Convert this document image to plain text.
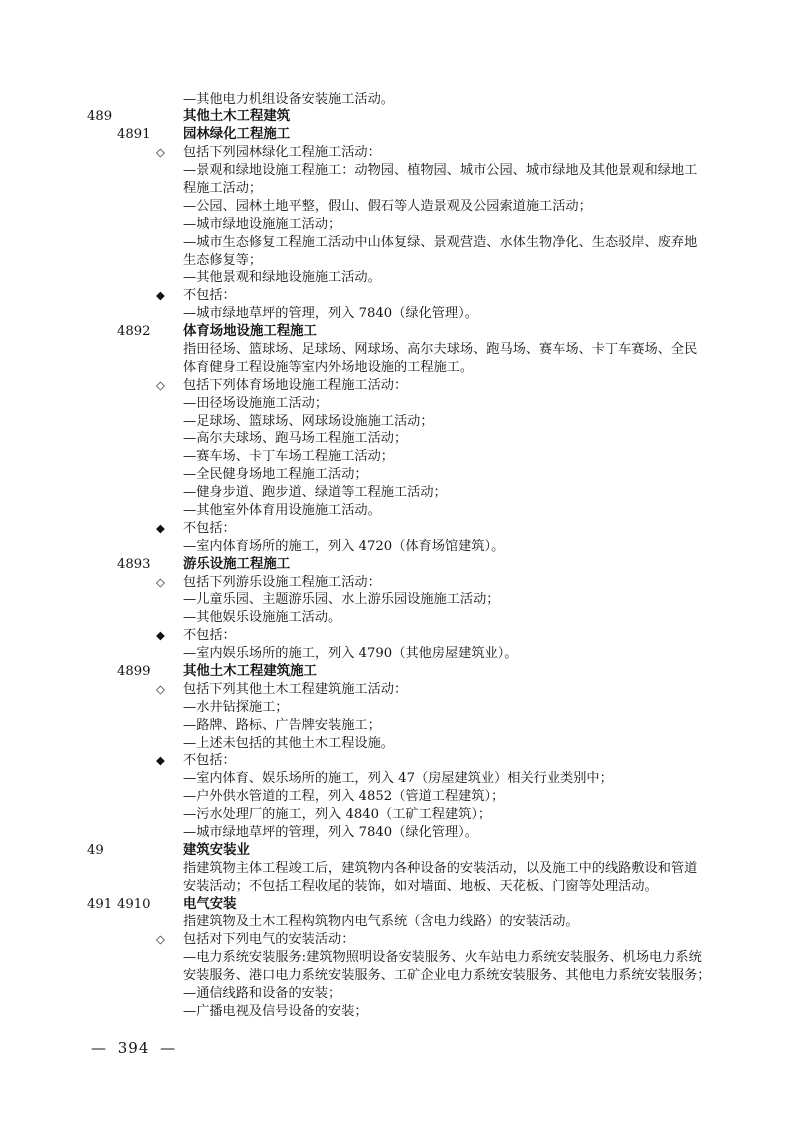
—其他电力机组设备安装施工活动。
489	其他土木工程建筑
4891	园林绿化工程施工
◇	包括下列园林绿化工程施工活动：
—景观和绿地设施工程施工：动物园、植物园、城市公园、城市绿地及其他景观和绿地工
程施工活动；
—公园、园林土地平整，假山、假石等人造景观及公园索道施工活动；
—城市绿地设施施工活动；
—城市生态修复工程施工活动中山体复绿、景观营造、水体生物净化、生态驳岸、废弃地
生态修复等；
—其他景观和绿地设施施工活动。
◆	不包括：
—城市绿地草坪的管理，列入 7840（绿化管理）。
4892	体育场地设施工程施工
指田径场、篮球场、足球场、网球场、高尔夫球场、跑马场、赛车场、卡丁车赛场、全民
体育健身工程设施等室内外场地设施的工程施工。
◇	包括下列体育场地设施工程施工活动：
—田径场设施施工活动；
—足球场、篮球场、网球场设施施工活动；
—高尔夫球场、跑马场工程施工活动；
—赛车场、卡丁车场工程施工活动；
—全民健身场地工程施工活动；
—健身步道、跑步道、绿道等工程施工活动；
—其他室外体育用设施施工活动。
◆	不包括：
—室内体育场所的施工，列入 4720（体育场馆建筑）。
4893	游乐设施工程施工
◇	包括下列游乐设施工程施工活动：
—儿童乐园、主题游乐园、水上游乐园设施施工活动；
—其他娱乐设施施工活动。
◆	不包括：
—室内娱乐场所的施工，列入 4790（其他房屋建筑业）。
4899	其他土木工程建筑施工
◇	包括下列其他土木工程建筑施工活动：
—水井钻探施工；
—路牌、路标、广告牌安装施工；
—上述未包括的其他土木工程设施。
◆	不包括：
—室内体育、娱乐场所的施工，列入 47（房屋建筑业）相关行业类别中；
—户外供水管道的工程，列入 4852（管道工程建筑）；
—污水处理厂的施工，列入 4840（工矿工程建筑）；
—城市绿地草坪的管理，列入 7840（绿化管理）。
49	建筑安装业
指建筑物主体工程竣工后，建筑物内各种设备的安装活动，以及施工中的线路敷设和管道
安装活动；不包括工程收尾的装饰，如对墙面、地板、天花板、门窗等处理活动。
491 4910	电气安装
指建筑物及土木工程构筑物内电气系统（含电力线路）的安装活动。
◇	包括对下列电气的安装活动：
—电力系统安装服务:建筑物照明设备安装服务、火车站电力系统安装服务、机场电力系统
安装服务、港口电力系统安装服务、工矿企业电力系统安装服务、其他电力系统安装服务；
—通信线路和设备的安装；
—广播电视及信号设备的安装；
— 394 —
